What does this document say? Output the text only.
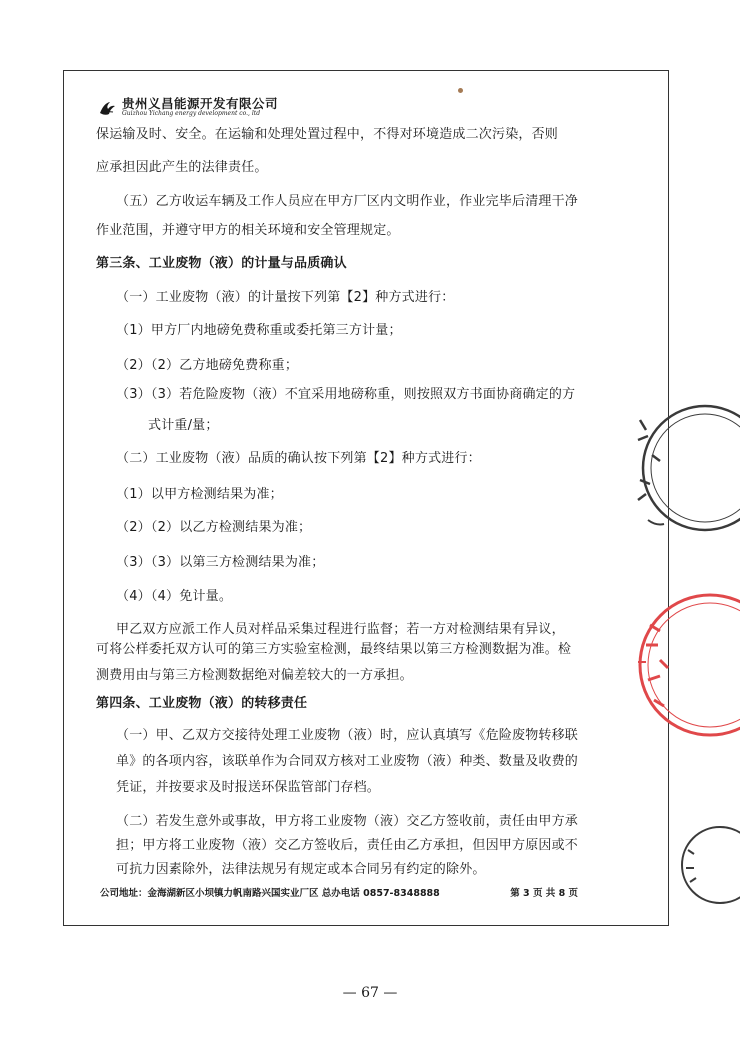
贵州义昌能源开发有限公司
Guizhou Yichang energy development co., ltd
保运输及时、安全。在运输和处理处置过程中，不得对环境造成二次污染，否则
应承担因此产生的法律责任。
（五）乙方收运车辆及工作人员应在甲方厂区内文明作业，作业完毕后清理干净
作业范围，并遵守甲方的相关环境和安全管理规定。
第三条、工业废物（液）的计量与品质确认
（一）工业废物（液）的计量按下列第【2】种方式进行：
（1）甲方厂内地磅免费称重或委托第三方计量；
（2）（2）乙方地磅免费称重；
（3）（3）若危险废物（液）不宜采用地磅称重，则按照双方书面协商确定的方
式计重/量；
（二）工业废物（液）品质的确认按下列第【2】种方式进行：
（1）以甲方检测结果为准；
（2）（2）以乙方检测结果为准；
（3）（3）以第三方检测结果为准；
（4）（4）免计量。
甲乙双方应派工作人员对样品采集过程进行监督；若一方对检测结果有异议，
可将公样委托双方认可的第三方实验室检测，最终结果以第三方检测数据为准。检
测费用由与第三方检测数据绝对偏差较大的一方承担。
第四条、工业废物（液）的转移责任
（一）甲、乙双方交接待处理工业废物（液）时，应认真填写《危险废物转移联
单》的各项内容，该联单作为合同双方核对工业废物（液）种类、数量及收费的
凭证，并按要求及时报送环保监管部门存档。
（二）若发生意外或事故，甲方将工业废物（液）交乙方签收前，责任由甲方承
担；甲方将工业废物（液）交乙方签收后，责任由乙方承担，但因甲方原因或不
可抗力因素除外，法律法规另有规定或本合同另有约定的除外。
公司地址：金海湖新区小坝镇力帆南路兴国实业厂区 总办电话 0857-8348888	第 3 页 共 8 页
— 67 —
